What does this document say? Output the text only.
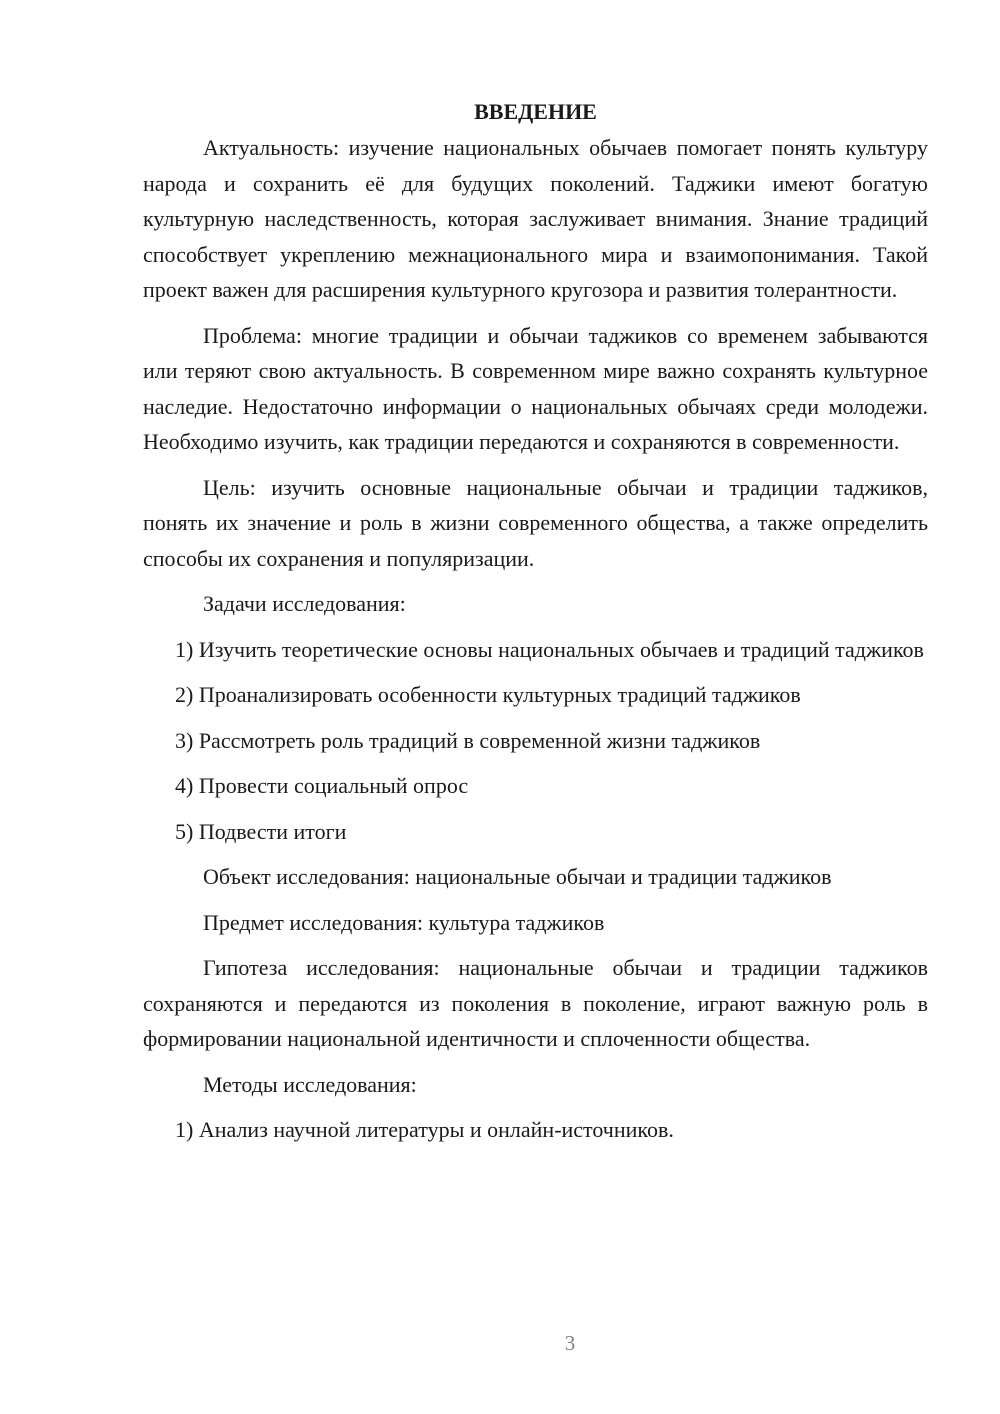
ВВЕДЕНИЕ

Актуальность: изучение национальных обычаев помогает понять культуру народа и сохранить её для будущих поколений. Таджики имеют богатую культурную наследственность, которая заслуживает внимания. Знание традиций способствует укреплению межнационального мира и взаимопонимания. Такой проект важен для расширения культурного кругозора и развития толерантности.

Проблема: многие традиции и обычаи таджиков со временем забываются или теряют свою актуальность. В современном мире важно сохранять культурное наследие. Недостаточно информации о национальных обычаях среди молодежи. Необходимо изучить, как традиции передаются и сохраняются в современности.

Цель: изучить основные национальные обычаи и традиции таджиков, понять их значение и роль в жизни современного общества, а также определить способы их сохранения и популяризации.

Задачи исследования:

1) Изучить теоретические основы национальных обычаев и традиций таджиков

2) Проанализировать особенности культурных традиций таджиков

3) Рассмотреть роль традиций в современной жизни таджиков

4) Провести социальный опрос

5) Подвести итоги

Объект исследования: национальные обычаи и традиции таджиков

Предмет исследования: культура таджиков

Гипотеза исследования: национальные обычаи и традиции таджиков сохраняются и передаются из поколения в поколение, играют важную роль в формировании национальной идентичности и сплоченности общества.

Методы исследования:

1) Анализ научной литературы и онлайн-источников.

3
